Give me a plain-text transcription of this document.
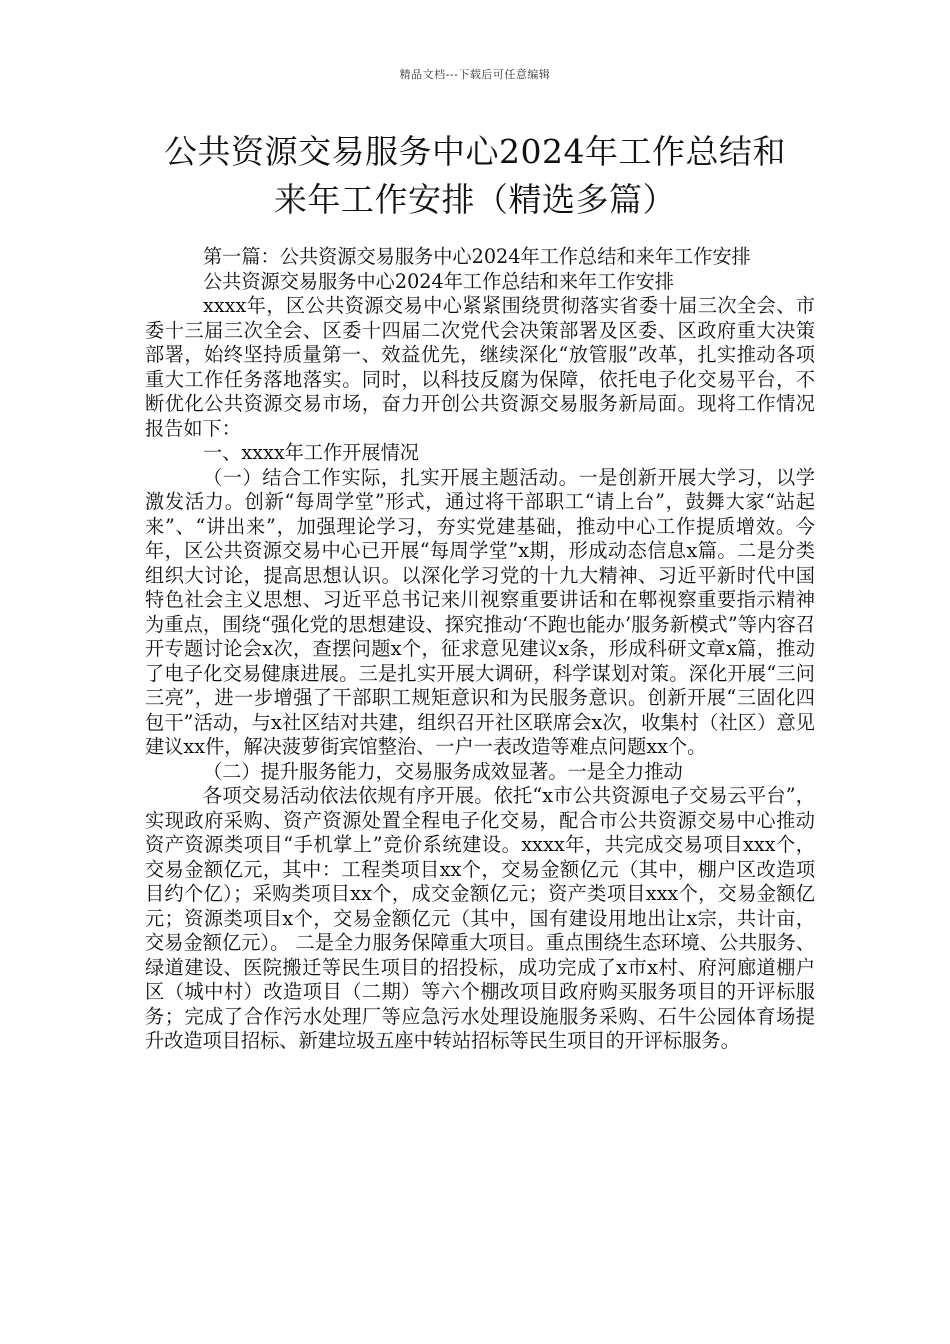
精品文档---下载后可任意编辑
公共资源交易服务中心2024年工作总结和
来年工作安排（精选多篇）

第一篇：公共资源交易服务中心2024年工作总结和来年工作安排

公共资源交易服务中心2024年工作总结和来年工作安排

xxxx年，区公共资源交易中心紧紧围绕贯彻落实省委十届三次全会、市委十三届三次全会、区委十四届二次党代会决策部署及区委、区政府重大决策部署，始终坚持质量第一、效益优先，继续深化“放管服”改革，扎实推动各项重大工作任务落地落实。同时，以科技反腐为保障，依托电子化交易平台，不断优化公共资源交易市场，奋力开创公共资源交易服务新局面。现将工作情况报告如下：

一、xxxx年工作开展情况

（一）结合工作实际，扎实开展主题活动。一是创新开展大学习，以学激发活力。创新“每周学堂”形式，通过将干部职工“请上台”，鼓舞大家“站起来”、“讲出来”，加强理论学习，夯实党建基础，推动中心工作提质增效。今年，区公共资源交易中心已开展“每周学堂”x期，形成动态信息x篇。二是分类组织大讨论，提高思想认识。以深化学习党的十九大精神、习近平新时代中国特色社会主义思想、习近平总书记来川视察重要讲话和在郫视察重要指示精神为重点，围绕“强化党的思想建设、探究推动‘不跑也能办’服务新模式”等内容召开专题讨论会x次，查摆问题x个，征求意见建议x条，形成科研文章x篇，推动了电子化交易健康进展。三是扎实开展大调研，科学谋划对策。深化开展“三问三亮”，进一步增强了干部职工规矩意识和为民服务意识。创新开展“三固化四包干”活动，与x社区结对共建，组织召开社区联席会x次，收集村（社区）意见建议xx件，解决菠萝街宾馆整治、一户一表改造等难点问题xx个。

（二）提升服务能力，交易服务成效显著。一是全力推动

各项交易活动依法依规有序开展。依托“x市公共资源电子交易云平台”，实现政府采购、资产资源处置全程电子化交易，配合市公共资源交易中心推动资产资源类项目“手机掌上”竞价系统建设。xxxx年，共完成交易项目xxx个，交易金额亿元，其中：工程类项目xx个，交易金额亿元（其中，棚户区改造项目约个亿）；采购类项目xx个，成交金额亿元；资产类项目xxx个，交易金额亿元；资源类项目x个，交易金额亿元（其中，国有建设用地出让x宗，共计亩，交易金额亿元）。 二是全力服务保障重大项目。重点围绕生态环境、公共服务、绿道建设、医院搬迁等民生项目的招投标，成功完成了x市x村、府河廊道棚户区（城中村）改造项目（二期）等六个棚改项目政府购买服务项目的开评标服务；完成了合作污水处理厂等应急污水处理设施服务采购、石牛公园体育场提升改造项目招标、新建垃圾五座中转站招标等民生项目的开评标服务。
